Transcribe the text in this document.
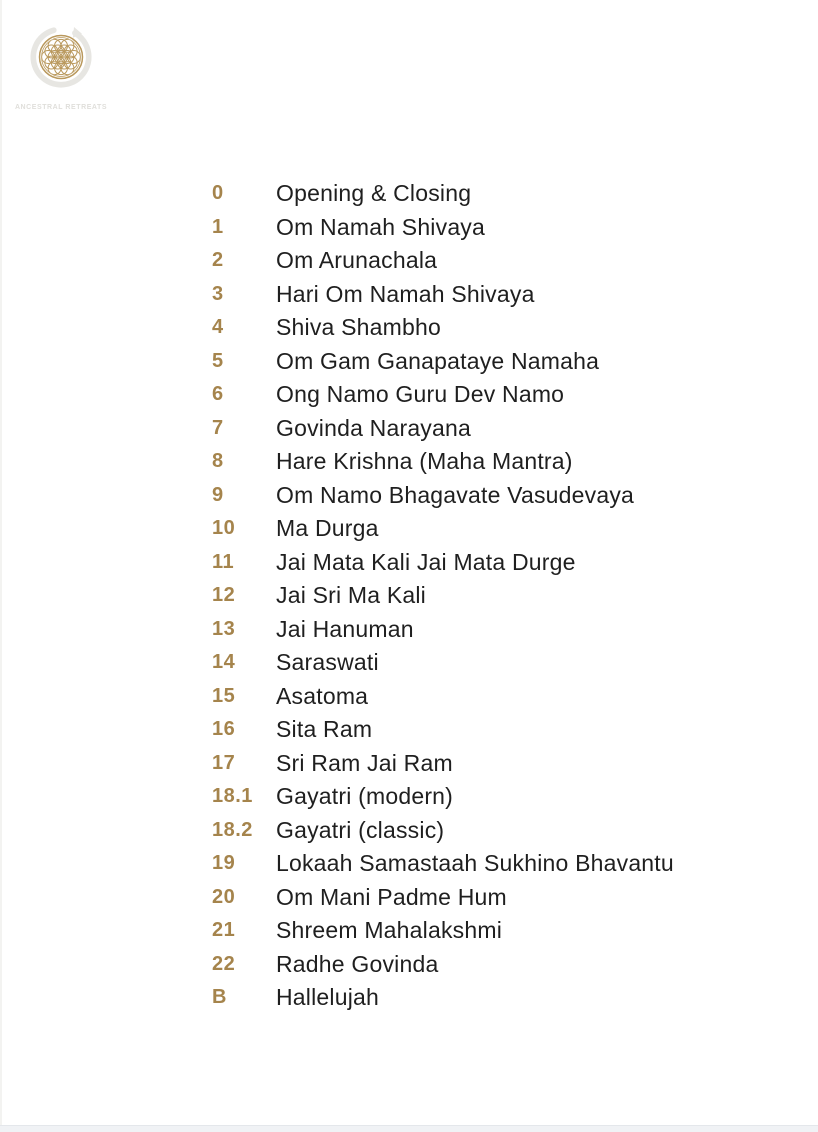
ANCESTRAL RETREATS
0	Opening & Closing
1	Om Namah Shivaya
2	Om Arunachala
3	Hari Om Namah Shivaya
4	Shiva Shambho
5	Om Gam Ganapataye Namaha
6	Ong Namo Guru Dev Namo
7	Govinda Narayana
8	Hare Krishna (Maha Mantra)
9	Om Namo Bhagavate Vasudevaya
10	Ma Durga
11	Jai Mata Kali Jai Mata Durge
12	Jai Sri Ma Kali
13	Jai Hanuman
14	Saraswati
15	Asatoma
16	Sita Ram
17	Sri Ram Jai Ram
18.1	Gayatri (modern)
18.2	Gayatri (classic)
19	Lokaah Samastaah Sukhino Bhavantu
20	Om Mani Padme Hum
21	Shreem Mahalakshmi
22	Radhe Govinda
B	Hallelujah
